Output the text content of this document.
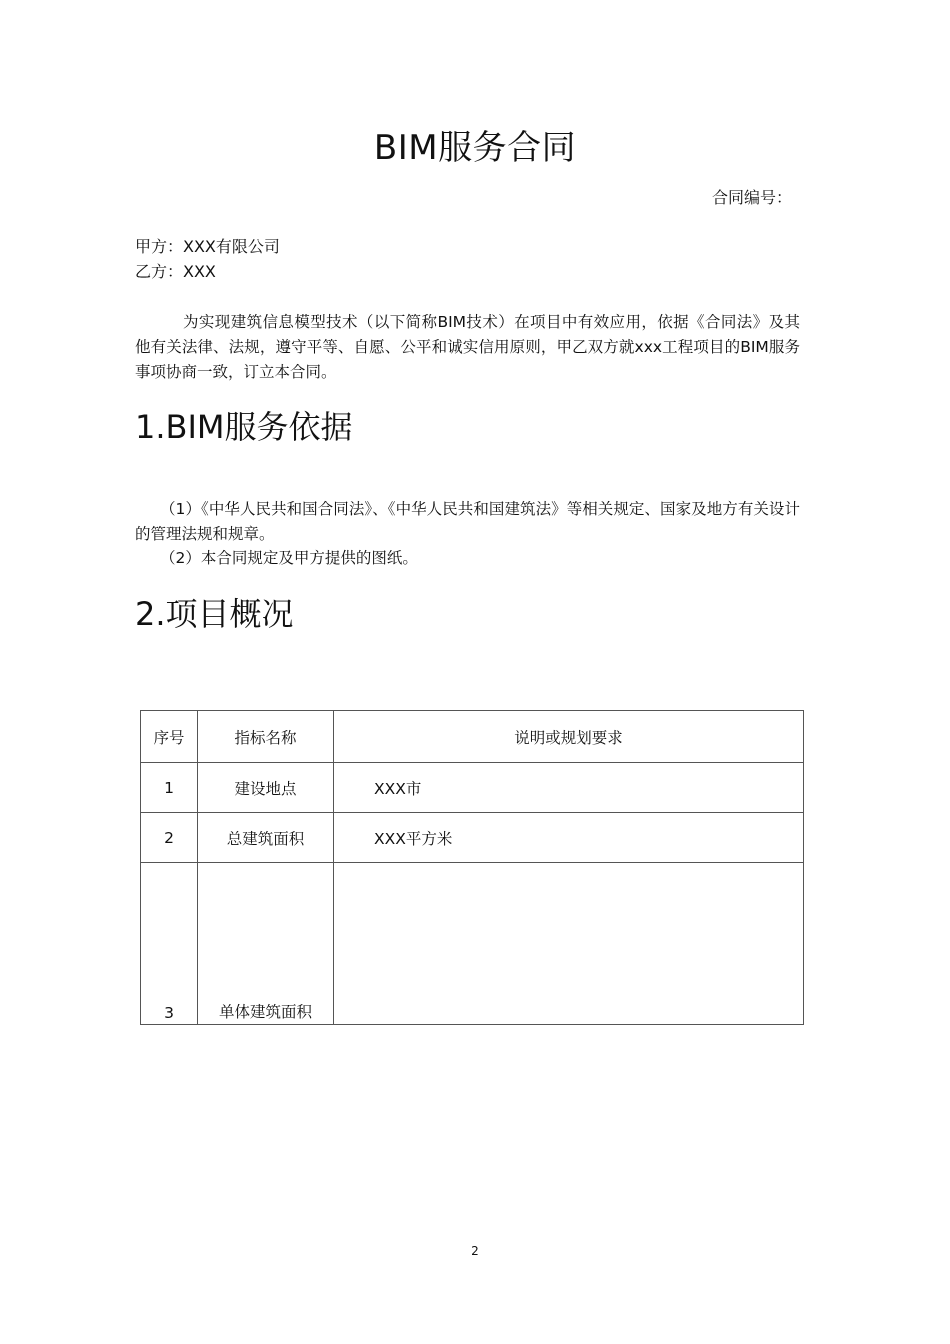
BIM服务合同
合同编号：
甲方：XXX有限公司
乙方：XXX
为实现建筑信息模型技术（以下简称BIM技术）在项目中有效应用，依据《合同法》及其他有关法律、法规，遵守平等、自愿、公平和诚实信用原则，甲乙双方就xxx工程项目的BIM服务事项协商一致，订立本合同。
1.BIM服务依据
（1）《中华人民共和国合同法》、《中华人民共和国建筑法》等相关规定、国家及地方有关设计的管理法规和规章。
（2）本合同规定及甲方提供的图纸。
2.项目概况
序号	指标名称	说明或规划要求
1	建设地点	XXX市
2	总建筑面积	XXX平方米
3	单体建筑面积	
2
